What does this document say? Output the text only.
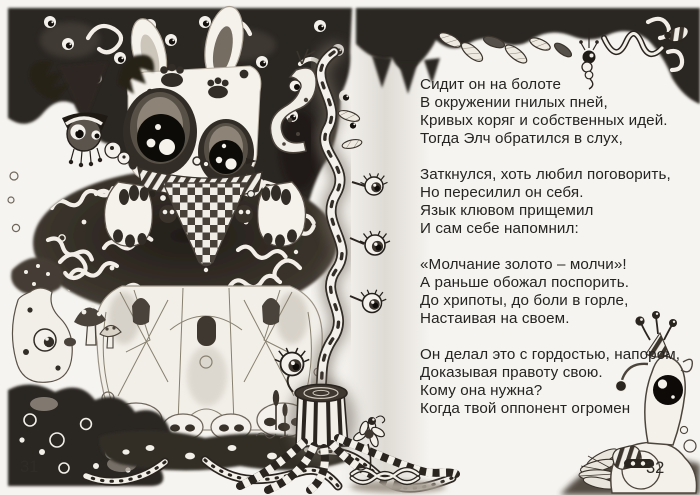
Сидит он на болоте
В окружении гнилых пней,
Кривых коряг и собственных идей.
Тогда Элч обратился в слух,
Заткнулся, хоть любил поговорить,
Но пересилил он себя.
Язык клювом прищемил
И сам себе напомнил:
«Молчание золото – молчи»!
А раньше обожал поспорить.
До хрипоты, до боли в горле,
Настаивая на своем.
Он делал это с гордостью, напором,
Доказывая правоту свою.
Кому она нужна?
Когда твой оппонент огромен
31	32
